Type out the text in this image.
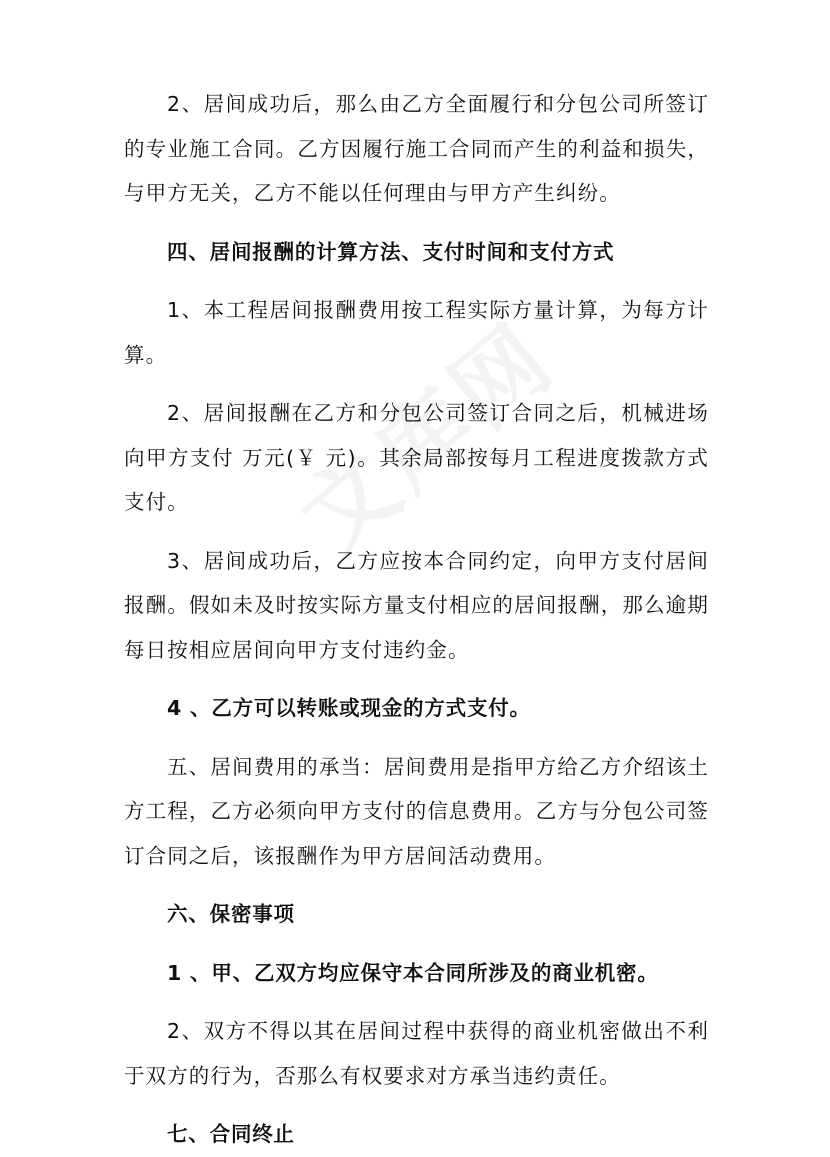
2、居间成功后，那么由乙方全面履行和分包公司所签订的专业施工合同。乙方因履行施工合同而产生的利益和损失，与甲方无关，乙方不能以任何理由与甲方产生纠纷。

四、居间报酬的计算方法、支付时间和支付方式

1、本工程居间报酬费用按工程实际方量计算，为每方计算。

2、居间报酬在乙方和分包公司签订合同之后，机械进场向甲方支付 万元(￥ 元)。其余局部按每月工程进度拨款方式支付。

3、居间成功后，乙方应按本合同约定，向甲方支付居间报酬。假如未及时按实际方量支付相应的居间报酬，那么逾期每日按相应居间向甲方支付违约金。

4 、乙方可以转账或现金的方式支付。

五、居间费用的承当：居间费用是指甲方给乙方介绍该土方工程，乙方必须向甲方支付的信息费用。乙方与分包公司签订合同之后，该报酬作为甲方居间活动费用。

六、保密事项

1 、甲、乙双方均应保守本合同所涉及的商业机密。

2、双方不得以其在居间过程中获得的商业机密做出不利于双方的行为，否那么有权要求对方承当违约责任。

七、合同终止
